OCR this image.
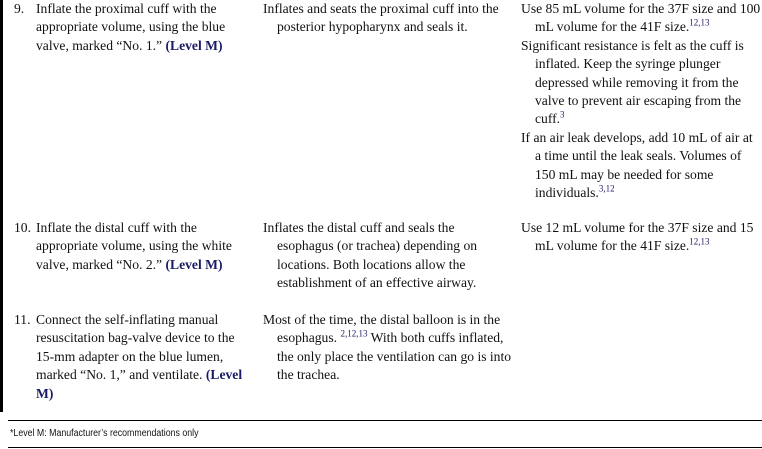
9. Inflate the proximal cuff with the appropriate volume, using the blue valve, marked “No. 1.” (Level M)
Inflates and seats the proximal cuff into the posterior hypopharynx and seals it.
Use 85 mL volume for the 37F size and 100 mL volume for the 41F size.$^{12,13}$
Significant resistance is felt as the cuff is inflated. Keep the syringe plunger depressed while removing it from the valve to prevent air escaping from the cuff.$^3$
If an air leak develops, add 10 mL of air at a time until the leak seals. Volumes of 150 mL may be needed for some individuals.$^{3,12}$
10. Inflate the distal cuff with the appropriate volume, using the white valve, marked “No. 2.” (Level M)
Inflates the distal cuff and seals the esophagus (or trachea) depending on locations. Both locations allow the establishment of an effective airway.
Use 12 mL volume for the 37F size and 15 mL volume for the 41F size.$^{12,13}$
11. Connect the self-inflating manual resuscitation bag-valve device to the 15-mm adapter on the blue lumen, marked “No. 1,” and ventilate. (Level M)
Most of the time, the distal balloon is in the esophagus. $^{2,12,13}$ With both cuffs inflated, the only place the ventilation can go is into the trachea.
*Level M: Manufacturer’s recommendations only
